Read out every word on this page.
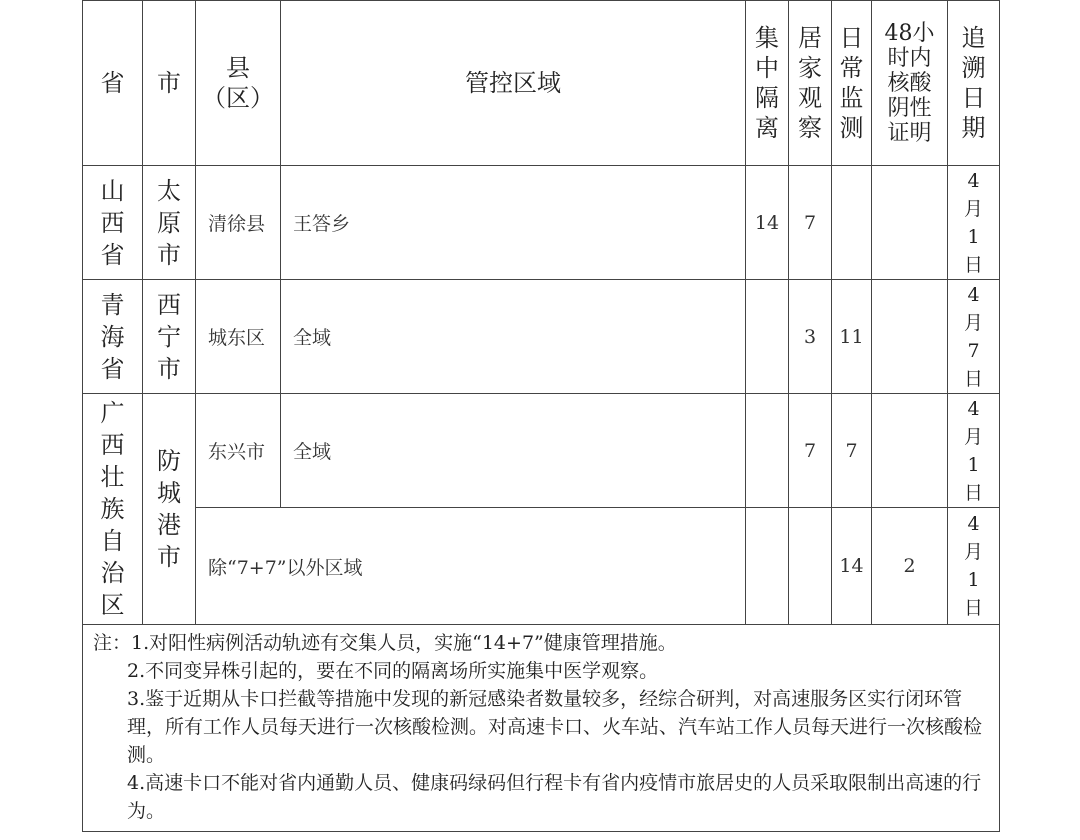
省	市	县（区）	管控区域	集中隔离	居家观察	日常监测	48小时内核酸阴性证明	追溯日期
山西省	太原市	清徐县	王答乡	14	7			4月1日
青海省	西宁市	城东区	全域		3	11		4月7日
广西壮族自治区	防城港市	东兴市	全域		7	7		4月1日
		除“7+7”以外区域				14	2	4月1日

注：1.对阳性病例活动轨迹有交集人员，实施“14+7”健康管理措施。
2.不同变异株引起的，要在不同的隔离场所实施集中医学观察。
3.鉴于近期从卡口拦截等措施中发现的新冠感染者数量较多，经综合研判，对高速服务区实行闭环管理，所有工作人员每天进行一次核酸检测。对高速卡口、火车站、汽车站工作人员每天进行一次核酸检测。
4.高速卡口不能对省内通勤人员、健康码绿码但行程卡有省内疫情市旅居史的人员采取限制出高速的行为。								
